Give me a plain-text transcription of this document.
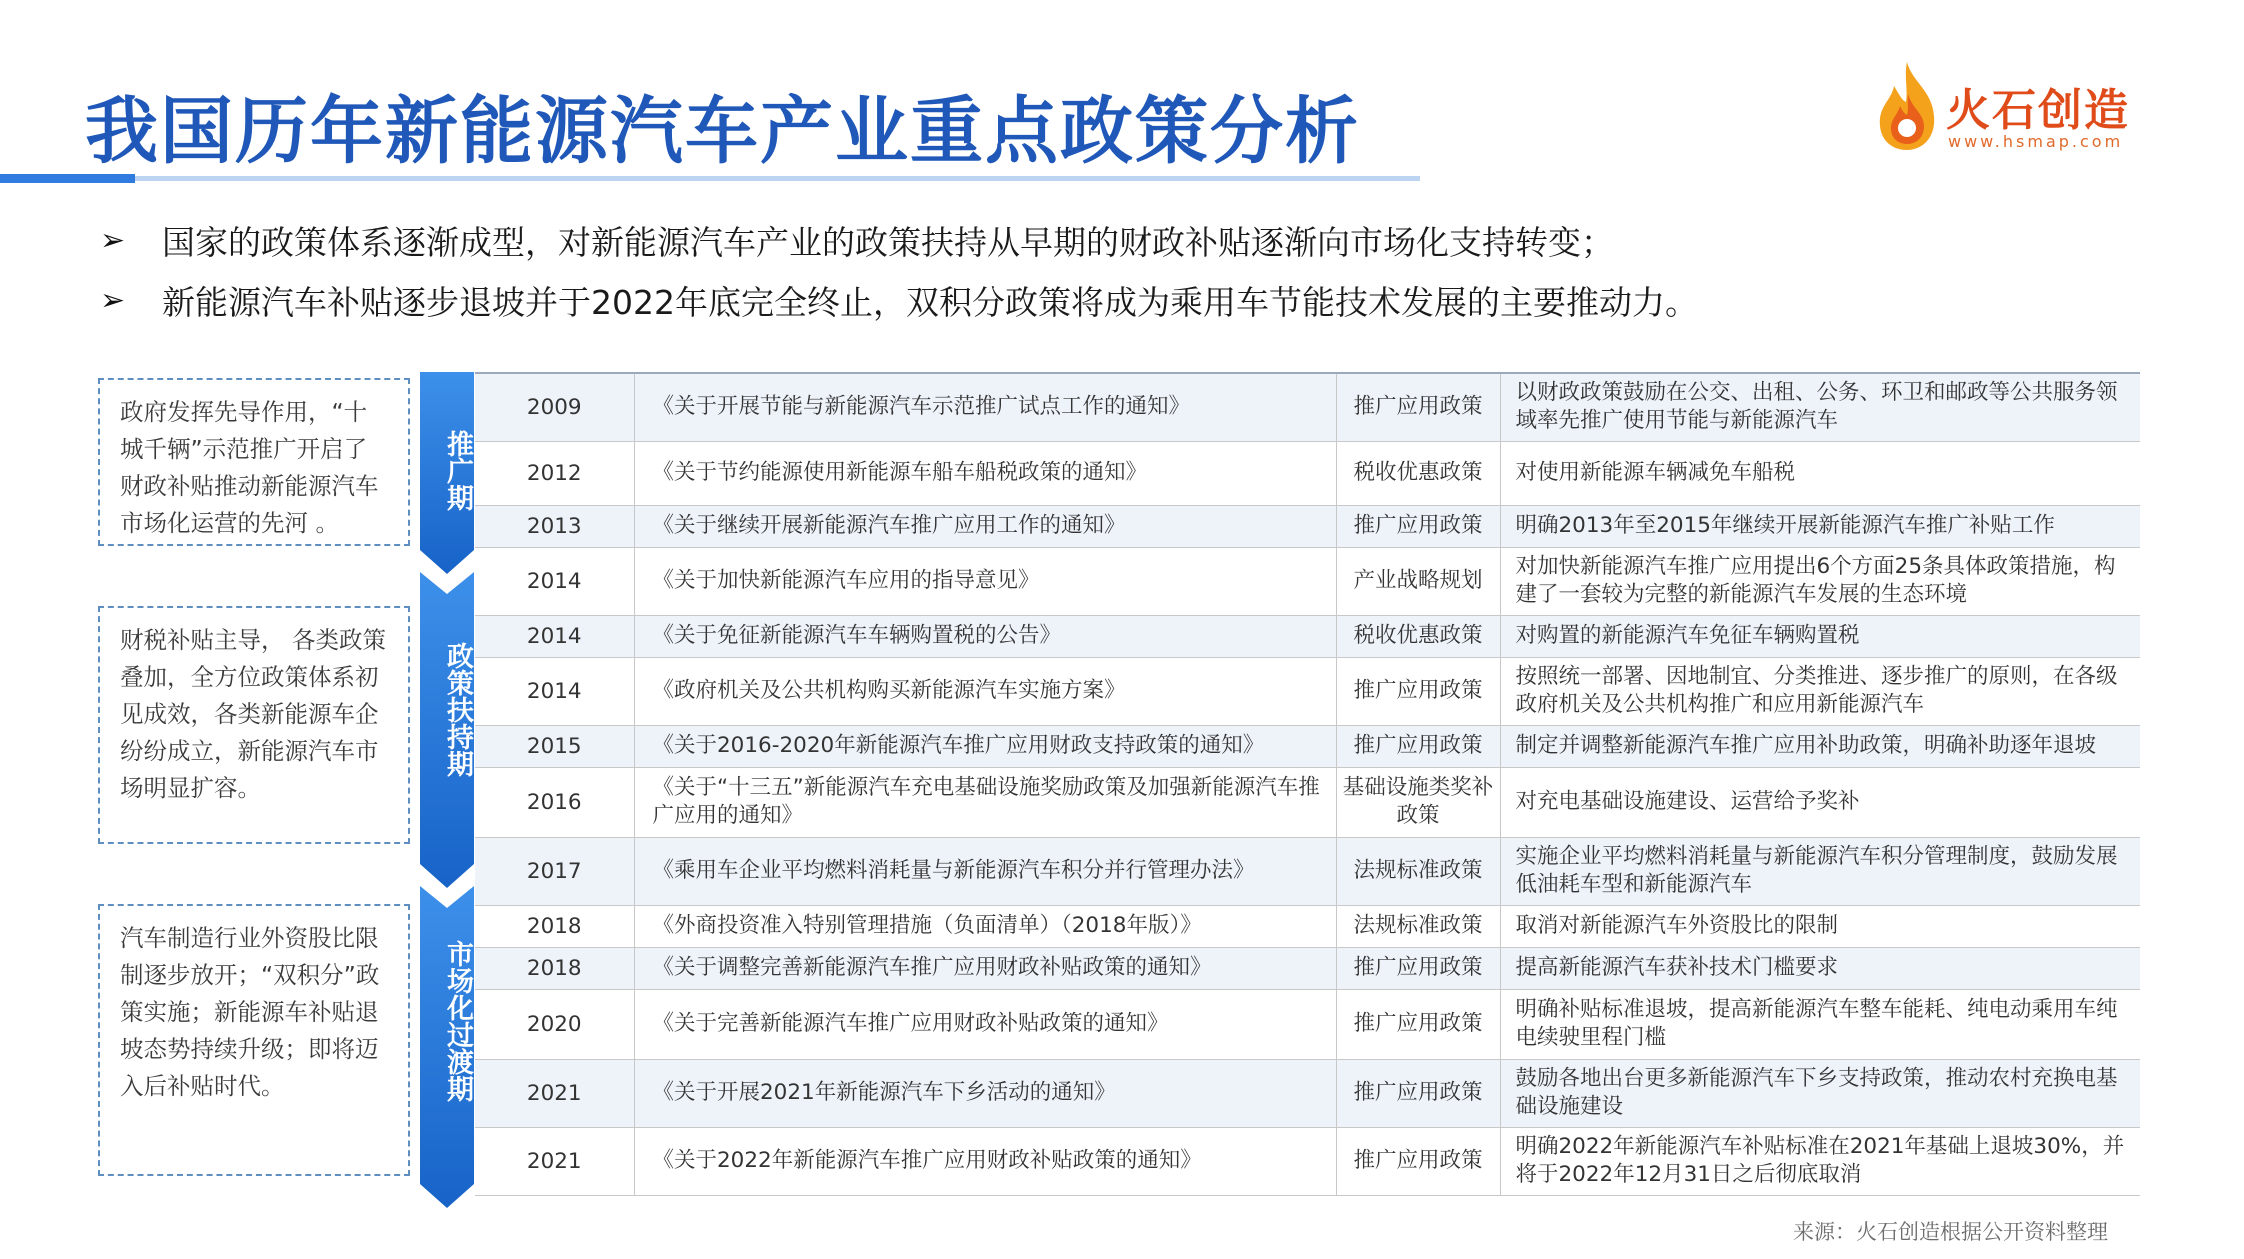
我国历年新能源汽车产业重点政策分析	火石创造
www.hsmap.com
➢	国家的政策体系逐渐成型，对新能源汽车产业的政策扶持从早期的财政补贴逐渐向市场化支持转变；
➢	新能源汽车补贴逐步退坡并于2022年底完全终止，双积分政策将成为乘用车节能技术发展的主要推动力。
政府发挥先导作用，“十城千辆”示范推广开启了财政补贴推动新能源汽车市场化运营的先河 。
财税补贴主导， 各类政策叠加，全方位政策体系初见成效，各类新能源车企纷纷成立，新能源汽车市场明显扩容。
汽车制造行业外资股比限制逐步放开；“双积分”政策实施；新能源车补贴退坡态势持续升级；即将迈入后补贴时代。
推广期
政策扶持期
市场化过渡期
2009	《关于开展节能与新能源汽车示范推广试点工作的通知》	推广应用政策	以财政政策鼓励在公交、出租、公务、环卫和邮政等公共服务领域率先推广使用节能与新能源汽车
2012	《关于节约能源使用新能源车船车船税政策的通知》	税收优惠政策	对使用新能源车辆减免车船税
2013	《关于继续开展新能源汽车推广应用工作的通知》	推广应用政策	明确2013年至2015年继续开展新能源汽车推广补贴工作
2014	《关于加快新能源汽车应用的指导意见》	产业战略规划	对加快新能源汽车推广应用提出6个方面25条具体政策措施，构建了一套较为完整的新能源汽车发展的生态环境
2014	《关于免征新能源汽车车辆购置税的公告》	税收优惠政策	对购置的新能源汽车免征车辆购置税
2014	《政府机关及公共机构购买新能源汽车实施方案》	推广应用政策	按照统一部署、因地制宜、分类推进、逐步推广的原则，在各级政府机关及公共机构推广和应用新能源汽车
2015	《关于2016-2020年新能源汽车推广应用财政支持政策的通知》	推广应用政策	制定并调整新能源汽车推广应用补助政策，明确补助逐年退坡
2016	《关于“十三五”新能源汽车充电基础设施奖励政策及加强新能源汽车推广应用的通知》	基础设施类奖补政策	对充电基础设施建设、运营给予奖补
2017	《乘用车企业平均燃料消耗量与新能源汽车积分并行管理办法》	法规标准政策	实施企业平均燃料消耗量与新能源汽车积分管理制度，鼓励发展低油耗车型和新能源汽车
2018	《外商投资准入特别管理措施（负面清单）（2018年版）》	法规标准政策	取消对新能源汽车外资股比的限制
2018	《关于调整完善新能源汽车推广应用财政补贴政策的通知》	推广应用政策	提高新能源汽车获补技术门槛要求
2020	《关于完善新能源汽车推广应用财政补贴政策的通知》	推广应用政策	明确补贴标准退坡，提高新能源汽车整车能耗、纯电动乘用车纯电续驶里程门槛
2021	《关于开展2021年新能源汽车下乡活动的通知》	推广应用政策	鼓励各地出台更多新能源汽车下乡支持政策，推动农村充换电基础设施建设
2021	《关于2022年新能源汽车推广应用财政补贴政策的通知》	推广应用政策	明确2022年新能源汽车补贴标准在2021年基础上退坡30%，并将于2022年12月31日之后彻底取消
来源：火石创造根据公开资料整理
